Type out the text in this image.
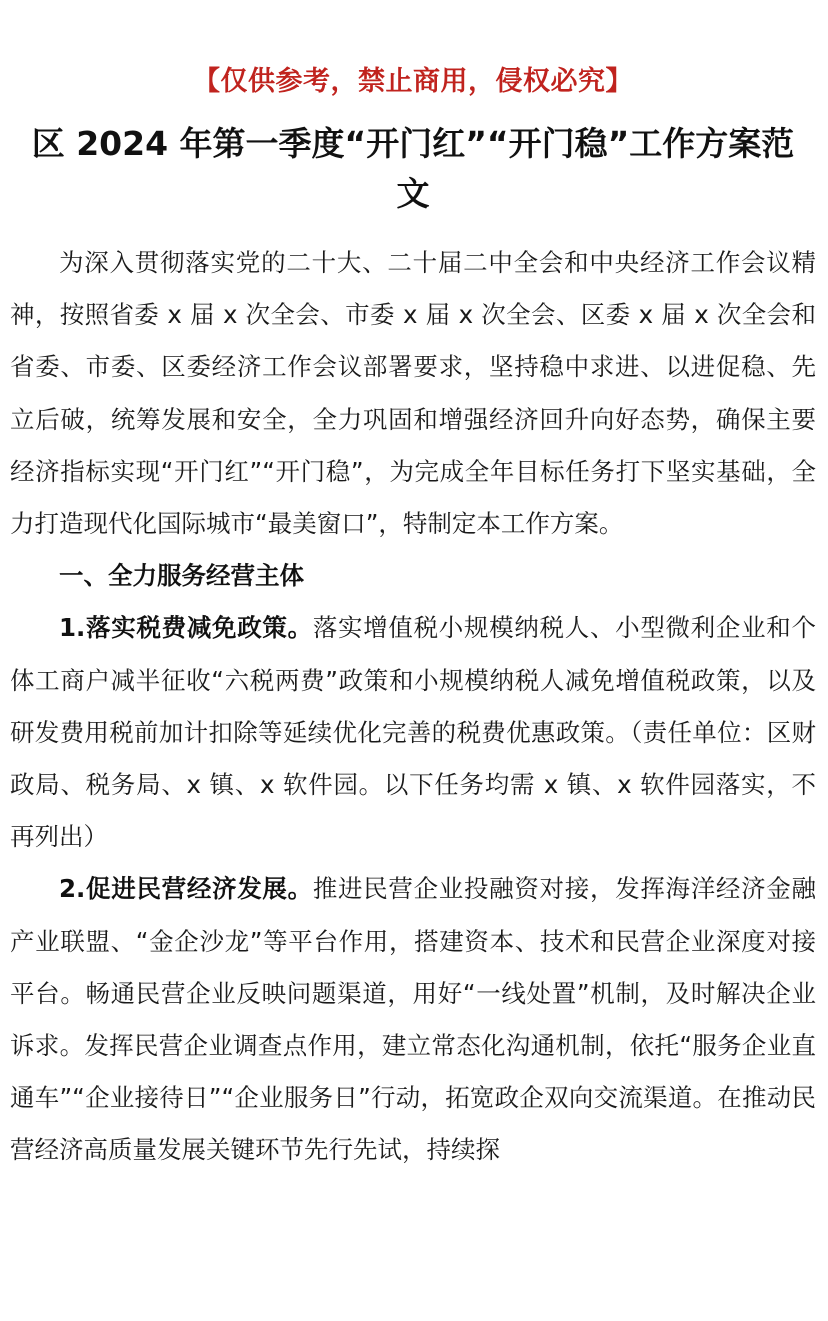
【仅供参考，禁止商用，侵权必究】

区 2024 年第一季度“开门红”“开门稳”工作方案范文

为深入贯彻落实党的二十大、二十届二中全会和中央经济工作会议精神，按照省委 x 届 x 次全会、市委 x 届 x 次全会、区委 x 届 x 次全会和省委、市委、区委经济工作会议部署要求，坚持稳中求进、以进促稳、先立后破，统筹发展和安全，全力巩固和增强经济回升向好态势，确保主要经济指标实现“开门红”“开门稳”，为完成全年目标任务打下坚实基础，全力打造现代化国际城市“最美窗口”，特制定本工作方案。

一、全力服务经营主体

1.落实税费减免政策。落实增值税小规模纳税人、小型微利企业和个体工商户减半征收“六税两费”政策和小规模纳税人减免增值税政策，以及研发费用税前加计扣除等延续优化完善的税费优惠政策。（责任单位：区财政局、税务局、x 镇、x 软件园。以下任务均需 x 镇、x 软件园落实，不再列出）

2.促进民营经济发展。推进民营企业投融资对接，发挥海洋经济金融产业联盟、“金企沙龙”等平台作用，搭建资本、技术和民营企业深度对接平台。畅通民营企业反映问题渠道，用好“一线处置”机制，及时解决企业诉求。发挥民营企业调查点作用，建立常态化沟通机制，依托“服务企业直通车”“企业接待日”“企业服务日”行动，拓宽政企双向交流渠道。在推动民营经济高质量发展关键环节先行先试，持续探
